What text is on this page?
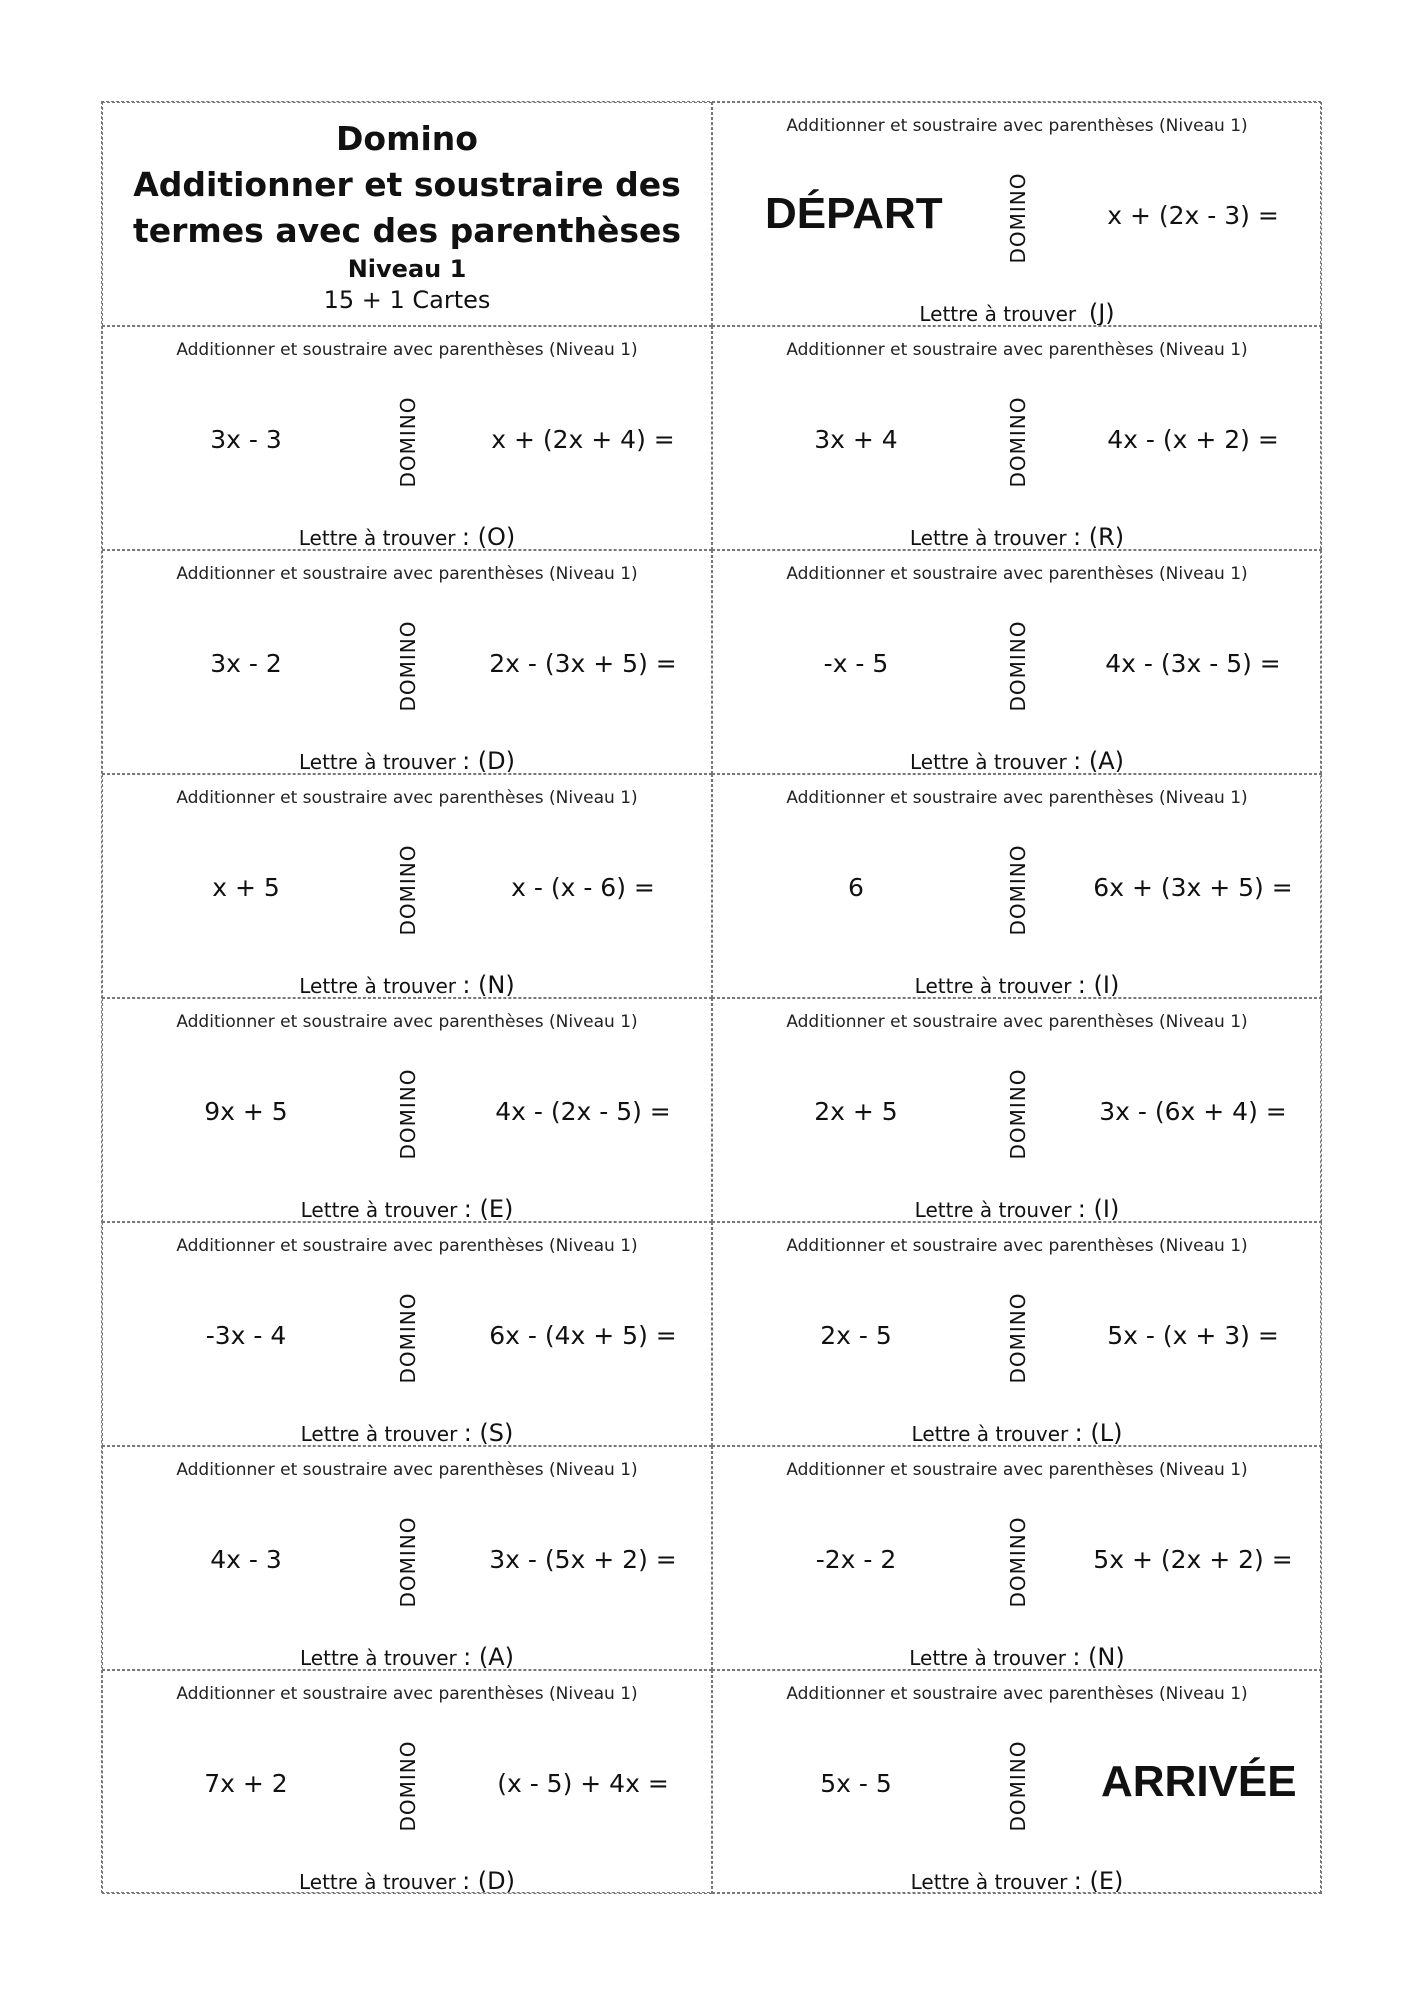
Domino
Additionner et soustraire des
termes avec des parenthèses
Niveau 1
15 + 1 Cartes
Additionner et soustraire avec parenthèses (Niveau 1)
DÉPART	DOMINO	x + (2x - 3) =
Lettre à trouver (J)
Additionner et soustraire avec parenthèses (Niveau 1)
3x - 3	DOMINO	x + (2x + 4) =
Lettre à trouver : (O)
Additionner et soustraire avec parenthèses (Niveau 1)
3x + 4	DOMINO	4x - (x + 2) =
Lettre à trouver : (R)
Additionner et soustraire avec parenthèses (Niveau 1)
3x - 2	DOMINO	2x - (3x + 5) =
Lettre à trouver : (D)
Additionner et soustraire avec parenthèses (Niveau 1)
-x - 5	DOMINO	4x - (3x - 5) =
Lettre à trouver : (A)
Additionner et soustraire avec parenthèses (Niveau 1)
x + 5	DOMINO	x - (x - 6) =
Lettre à trouver : (N)
Additionner et soustraire avec parenthèses (Niveau 1)
6	DOMINO	6x + (3x + 5) =
Lettre à trouver : (I)
Additionner et soustraire avec parenthèses (Niveau 1)
9x + 5	DOMINO	4x - (2x - 5) =
Lettre à trouver : (E)
Additionner et soustraire avec parenthèses (Niveau 1)
2x + 5	DOMINO	3x - (6x + 4) =
Lettre à trouver : (I)
Additionner et soustraire avec parenthèses (Niveau 1)
-3x - 4	DOMINO	6x - (4x + 5) =
Lettre à trouver : (S)
Additionner et soustraire avec parenthèses (Niveau 1)
2x - 5	DOMINO	5x - (x + 3) =
Lettre à trouver : (L)
Additionner et soustraire avec parenthèses (Niveau 1)
4x - 3	DOMINO	3x - (5x + 2) =
Lettre à trouver : (A)
Additionner et soustraire avec parenthèses (Niveau 1)
-2x - 2	DOMINO	5x + (2x + 2) =
Lettre à trouver : (N)
Additionner et soustraire avec parenthèses (Niveau 1)
7x + 2	DOMINO	(x - 5) + 4x =
Lettre à trouver : (D)
Additionner et soustraire avec parenthèses (Niveau 1)
5x - 5	DOMINO ARRIVÉE
Lettre à trouver : (E)
